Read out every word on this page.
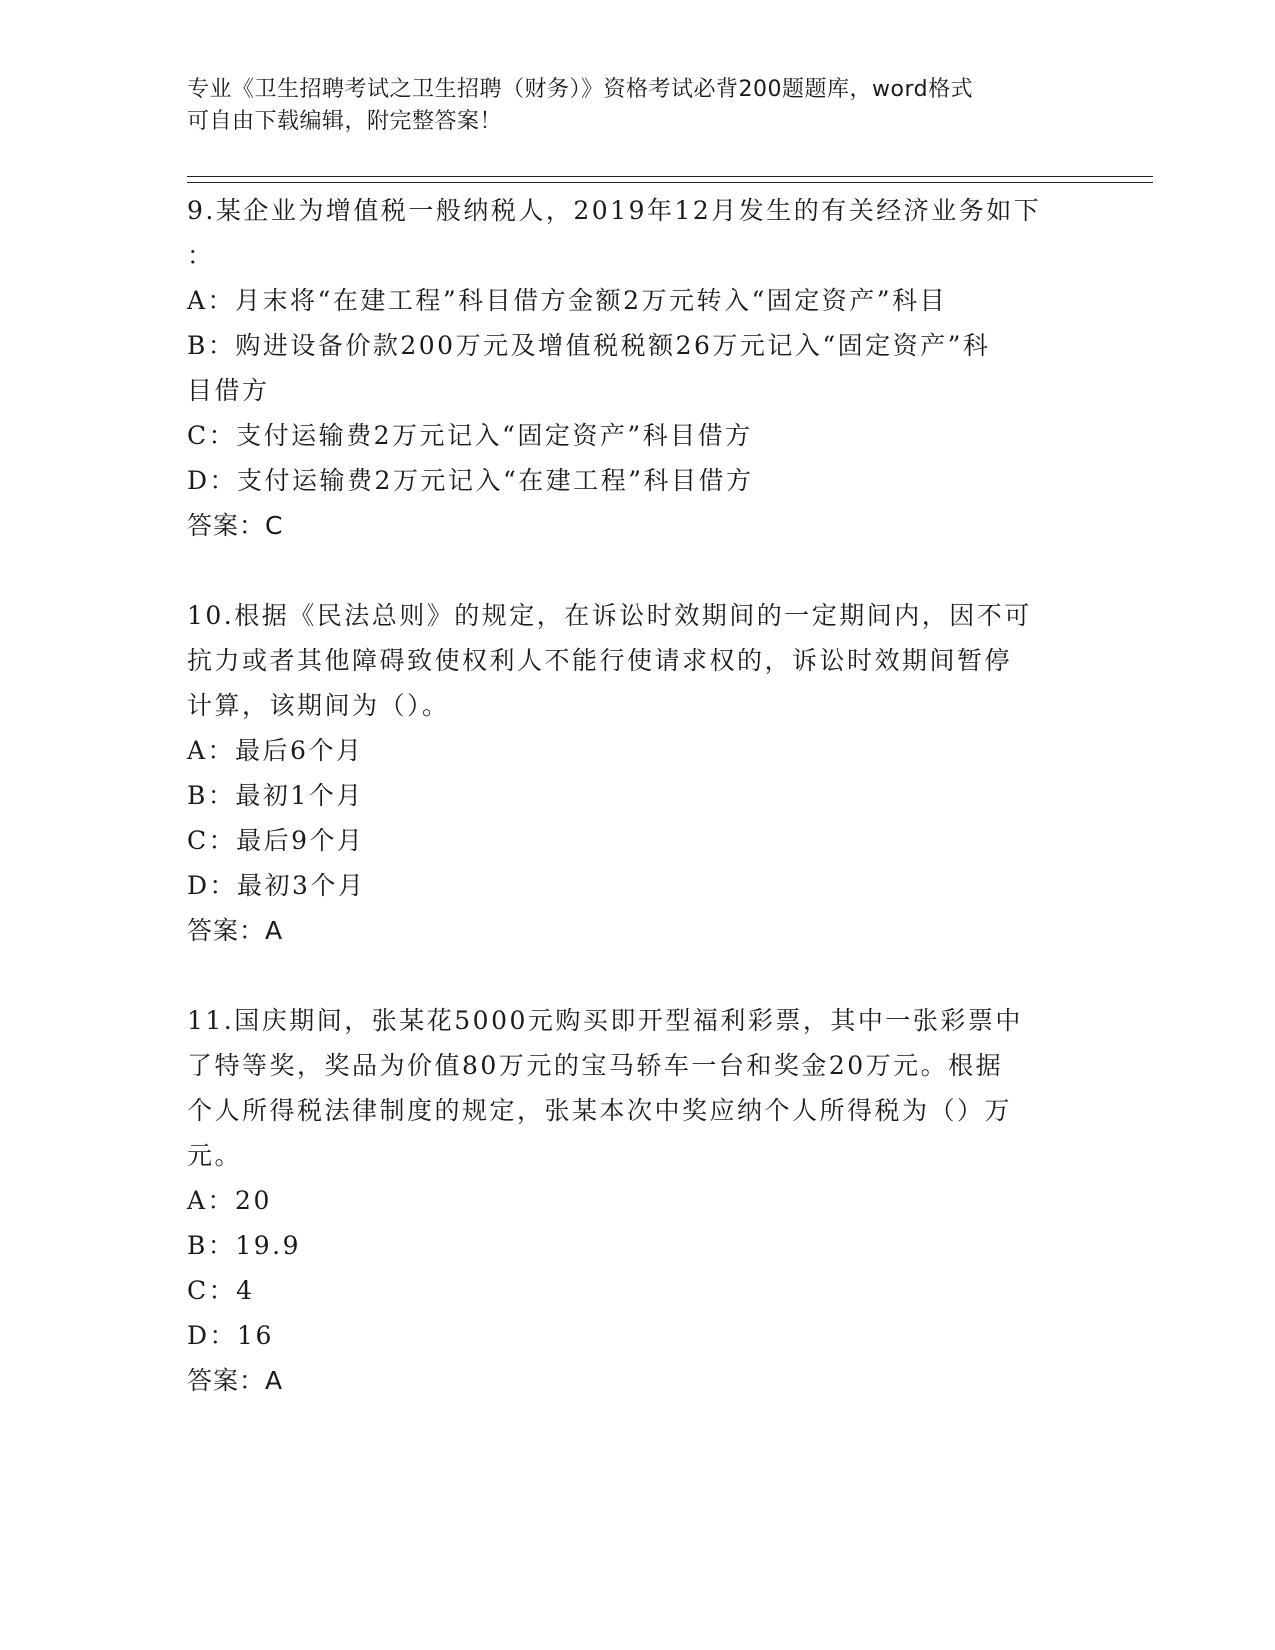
专业《卫生招聘考试之卫生招聘（财务）》资格考试必背200题题库，word格式
可自由下载编辑，附完整答案！
9.某企业为增值税一般纳税人，2019年12月发生的有关经济业务如下
：
A：月末将“在建工程”科目借方金额2万元转入“固定资产”科目
B：购进设备价款200万元及增值税税额26万元记入“固定资产”科
目借方
C：支付运输费2万元记入“固定资产”科目借方
D：支付运输费2万元记入“在建工程”科目借方
答案：C
10.根据《民法总则》的规定，在诉讼时效期间的一定期间内，因不可
抗力或者其他障碍致使权利人不能行使请求权的，诉讼时效期间暂停
计算，该期间为（）。
A：最后6个月
B：最初1个月
C：最后9个月
D：最初3个月
答案：A
11.国庆期间，张某花5000元购买即开型福利彩票，其中一张彩票中
了特等奖，奖品为价值80万元的宝马轿车一台和奖金20万元。根据
个人所得税法律制度的规定，张某本次中奖应纳个人所得税为（）万
元。
A：20
B：19.9
C：4
D：16
答案：A
